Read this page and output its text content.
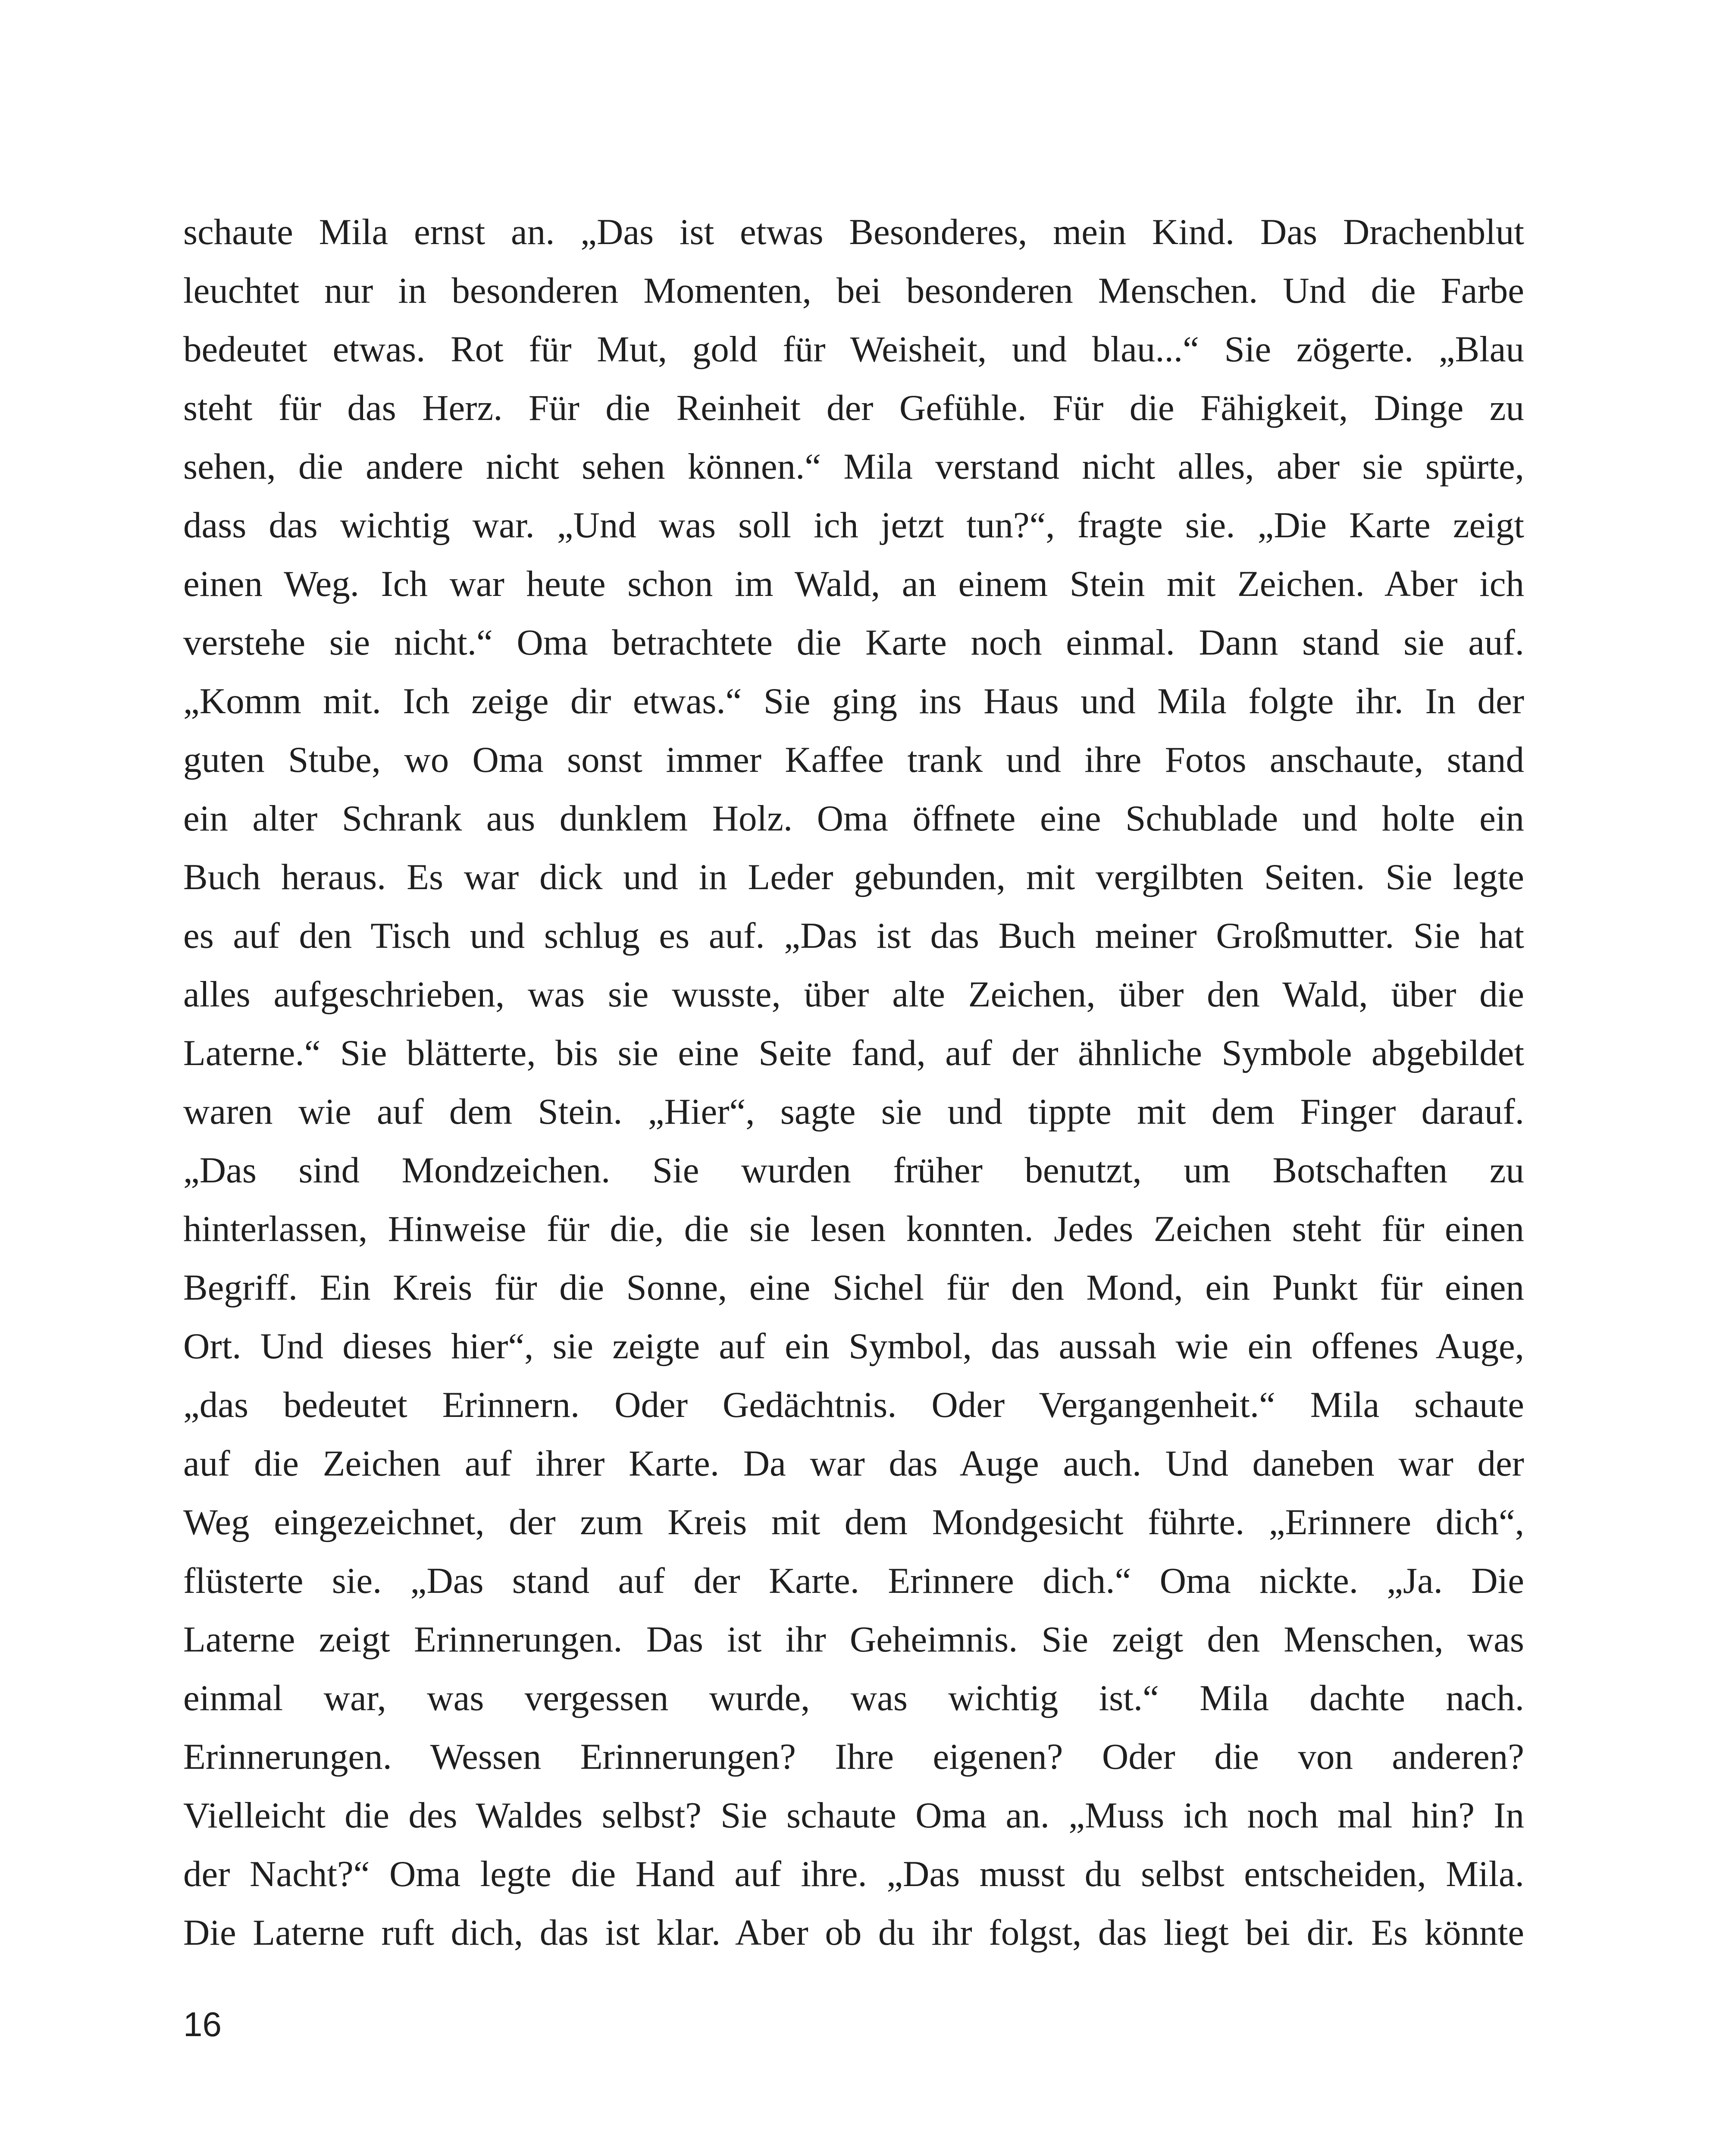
schaute Mila ernst an. „Das ist etwas Besonderes, mein Kind. Das Drachenblut
leuchtet nur in besonderen Momenten, bei besonderen Menschen. Und die Farbe
bedeutet etwas. Rot für Mut, gold für Weisheit, und blau...“ Sie zögerte. „Blau
steht für das Herz. Für die Reinheit der Gefühle. Für die Fähigkeit, Dinge zu
sehen, die andere nicht sehen können.“ Mila verstand nicht alles, aber sie spürte,
dass das wichtig war. „Und was soll ich jetzt tun?“, fragte sie. „Die Karte zeigt
einen Weg. Ich war heute schon im Wald, an einem Stein mit Zeichen. Aber ich
verstehe sie nicht.“ Oma betrachtete die Karte noch einmal. Dann stand sie auf.
„Komm mit. Ich zeige dir etwas.“ Sie ging ins Haus und Mila folgte ihr. In der
guten Stube, wo Oma sonst immer Kaffee trank und ihre Fotos anschaute, stand
ein alter Schrank aus dunklem Holz. Oma öffnete eine Schublade und holte ein
Buch heraus. Es war dick und in Leder gebunden, mit vergilbten Seiten. Sie legte
es auf den Tisch und schlug es auf. „Das ist das Buch meiner Großmutter. Sie hat
alles aufgeschrieben, was sie wusste, über alte Zeichen, über den Wald, über die
Laterne.“ Sie blätterte, bis sie eine Seite fand, auf der ähnliche Symbole abgebildet
waren wie auf dem Stein. „Hier“, sagte sie und tippte mit dem Finger darauf.
„Das sind Mondzeichen. Sie wurden früher benutzt, um Botschaften zu
hinterlassen, Hinweise für die, die sie lesen konnten. Jedes Zeichen steht für einen
Begriff. Ein Kreis für die Sonne, eine Sichel für den Mond, ein Punkt für einen
Ort. Und dieses hier“, sie zeigte auf ein Symbol, das aussah wie ein offenes Auge,
„das bedeutet Erinnern. Oder Gedächtnis. Oder Vergangenheit.“ Mila schaute
auf die Zeichen auf ihrer Karte. Da war das Auge auch. Und daneben war der
Weg eingezeichnet, der zum Kreis mit dem Mondgesicht führte. „Erinnere dich“,
flüsterte sie. „Das stand auf der Karte. Erinnere dich.“ Oma nickte. „Ja. Die
Laterne zeigt Erinnerungen. Das ist ihr Geheimnis. Sie zeigt den Menschen, was
einmal war, was vergessen wurde, was wichtig ist.“ Mila dachte nach.
Erinnerungen. Wessen Erinnerungen? Ihre eigenen? Oder die von anderen?
Vielleicht die des Waldes selbst? Sie schaute Oma an. „Muss ich noch mal hin? In
der Nacht?“ Oma legte die Hand auf ihre. „Das musst du selbst entscheiden, Mila.
Die Laterne ruft dich, das ist klar. Aber ob du ihr folgst, das liegt bei dir. Es könnte
16
